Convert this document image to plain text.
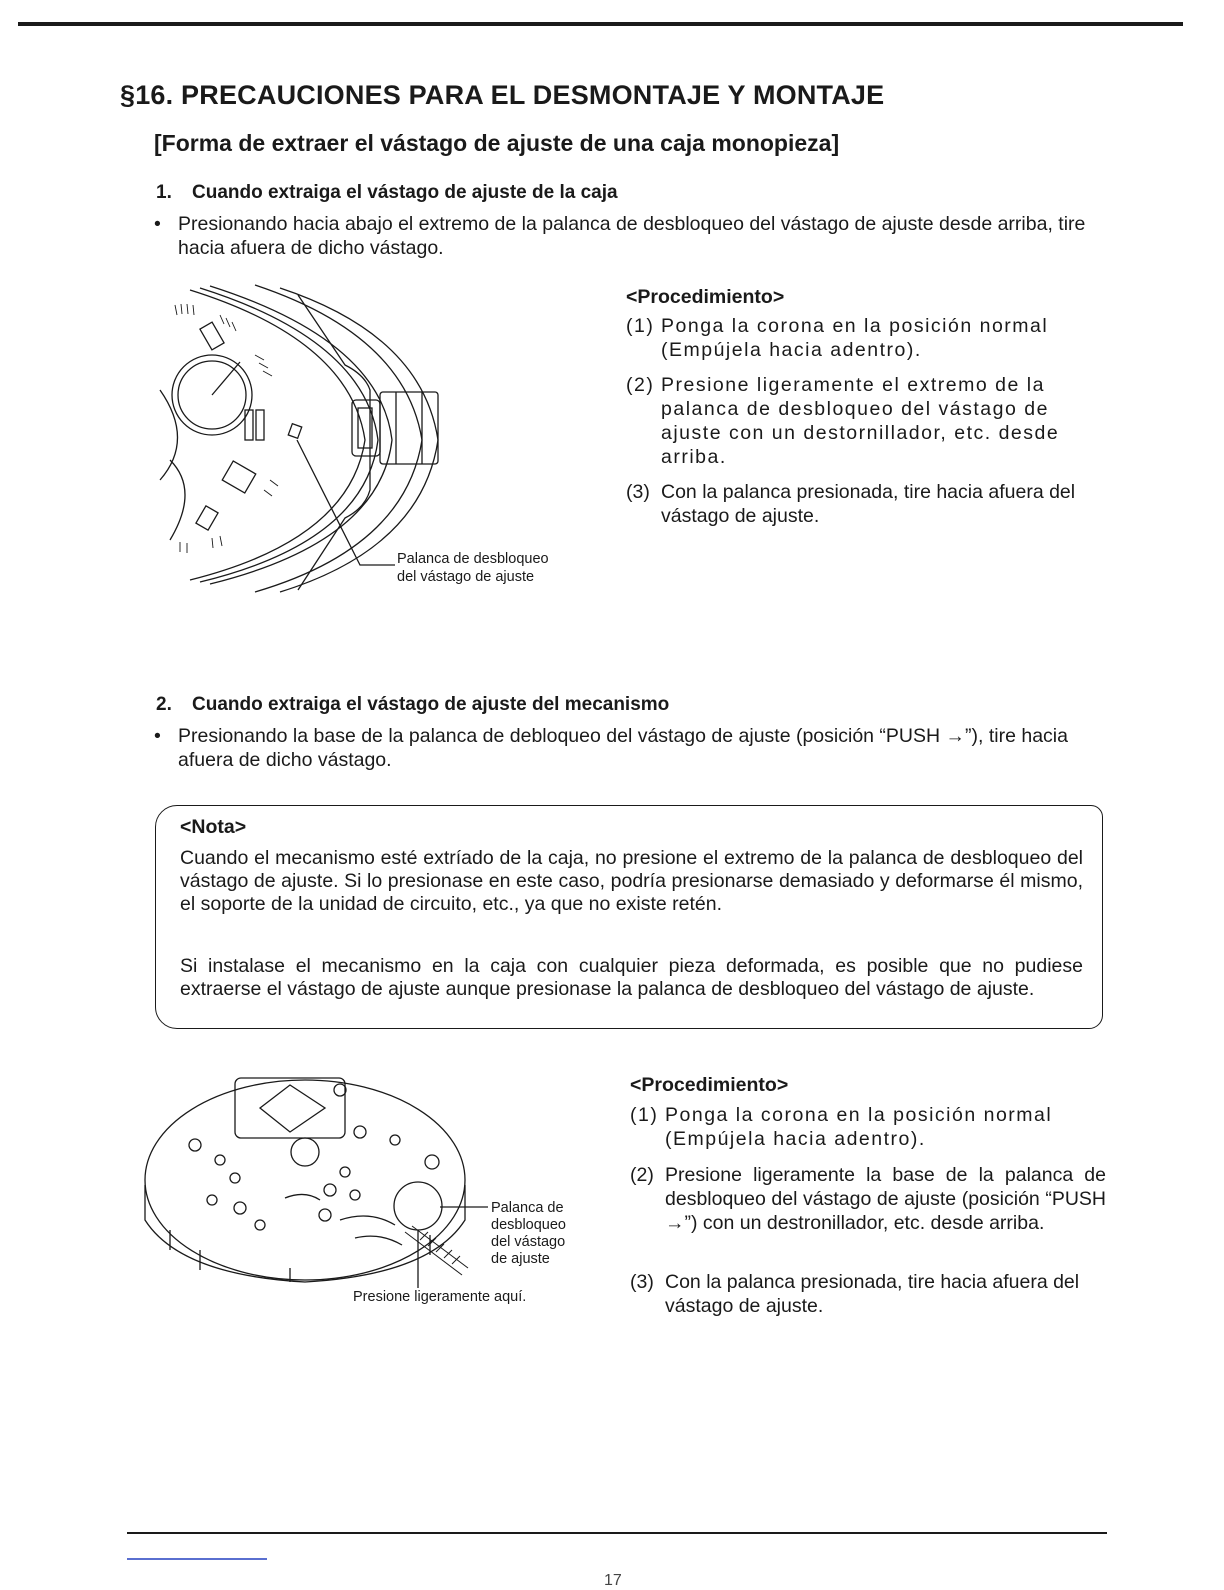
§16. PRECAUCIONES PARA EL DESMONTAJE Y MONTAJE
[Forma de extraer el vástago de ajuste de una caja monopieza]
1. Cuando extraiga el vástago de ajuste de la caja
• Presionando hacia abajo el extremo de la palanca de desbloqueo del vástago de ajuste desde arriba, tire hacia afuera de dicho vástago.
Palanca de desbloqueo
del vástago de ajuste
<Procedimiento>
(1) Ponga la corona en la posición normal (Empújela hacia adentro).
(2) Presione ligeramente el extremo de la palanca de desbloqueo del vástago de ajuste con un destornillador, etc. desde arriba.
(3) Con la palanca presionada, tire hacia afuera del vástago de ajuste.
2. Cuando extraiga el vástago de ajuste del mecanismo
• Presionando la base de la palanca de debloqueo del vástago de ajuste (posición “PUSH →”), tire hacia afuera de dicho vástago.
<Nota>
Cuando el mecanismo esté extríado de la caja, no presione el extremo de la palanca de desbloqueo del vástago de ajuste. Si lo presionase en este caso, podría presionarse demasiado y deformarse él mismo, el soporte de la unidad de circuito, etc., ya que no existe retén.
Si instalase el mecanismo en la caja con cualquier pieza deformada, es posible que no pudiese extraerse el vástago de ajuste aunque presionase la palanca de desbloqueo del vástago de ajuste.
Palanca de
desbloqueo
del vástago
de ajuste
Presione ligeramente aquí.
<Procedimiento>
(1) Ponga la corona en la posición normal (Empújela hacia adentro).
(2) Presione ligeramente la base de la palanca de desbloqueo del vástago de ajuste (posición “PUSH →”) con un destronillador, etc. desde arriba.
(3) Con la palanca presionada, tire hacia afuera del vástago de ajuste.
17
